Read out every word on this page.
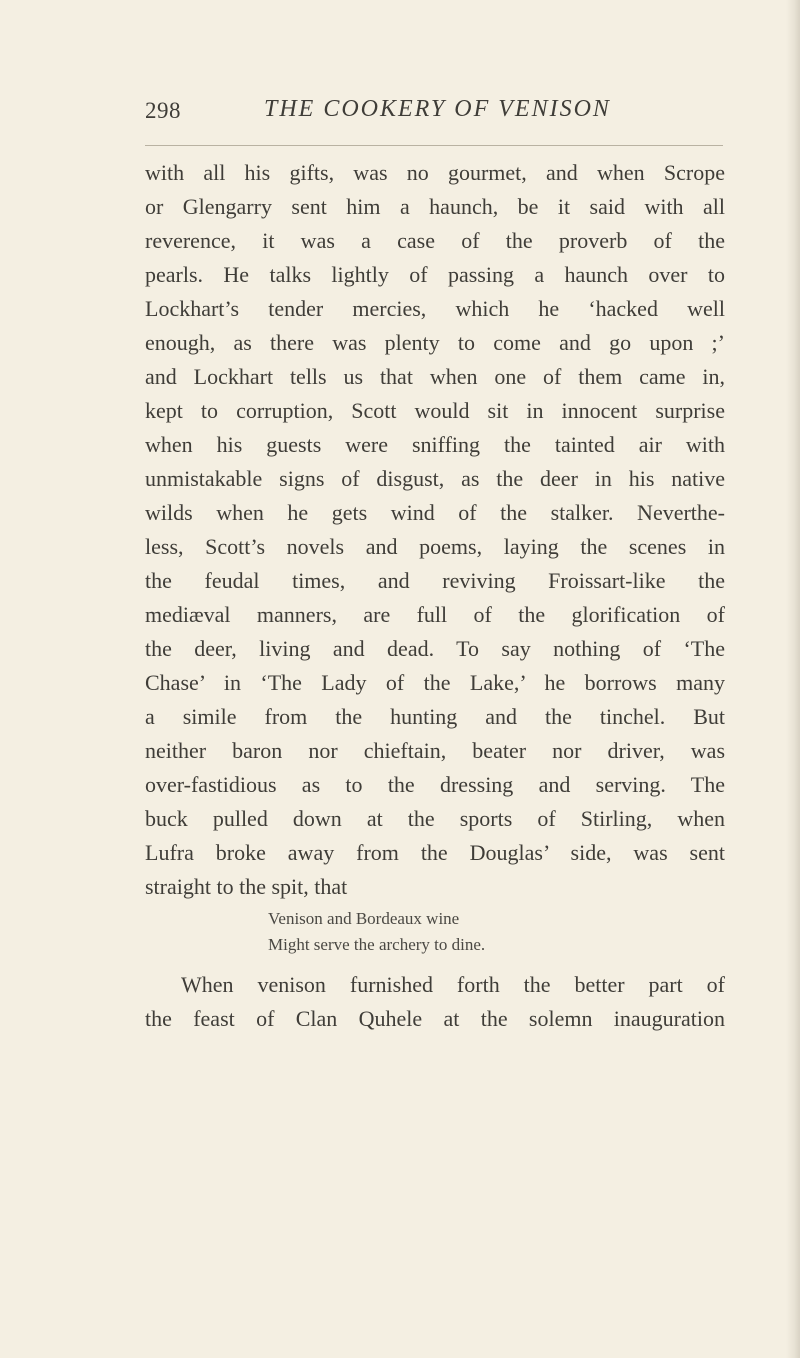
298	THE COOKERY OF VENISON
with all his gifts, was no gourmet, and when Scrope
or Glengarry sent him a haunch, be it said with all
reverence, it was a case of the proverb of the
pearls. He talks lightly of passing a haunch over to
Lockhart’s tender mercies, which he ‘hacked well
enough, as there was plenty to come and go upon ;’
and Lockhart tells us that when one of them came in,
kept to corruption, Scott would sit in innocent surprise
when his guests were sniffing the tainted air with
unmistakable signs of disgust, as the deer in his native
wilds when he gets wind of the stalker. Neverthe-
less, Scott’s novels and poems, laying the scenes in
the feudal times, and reviving Froissart-like the
mediæval manners, are full of the glorification of
the deer, living and dead. To say nothing of ‘The
Chase’ in ‘The Lady of the Lake,’ he borrows many
a simile from the hunting and the tinchel. But
neither baron nor chieftain, beater nor driver, was
over-fastidious as to the dressing and serving. The
buck pulled down at the sports of Stirling, when
Lufra broke away from the Douglas’ side, was sent
straight to the spit, that
Venison and Bordeaux wine
Might serve the archery to dine.
When venison furnished forth the better part of
the feast of Clan Quhele at the solemn inauguration
